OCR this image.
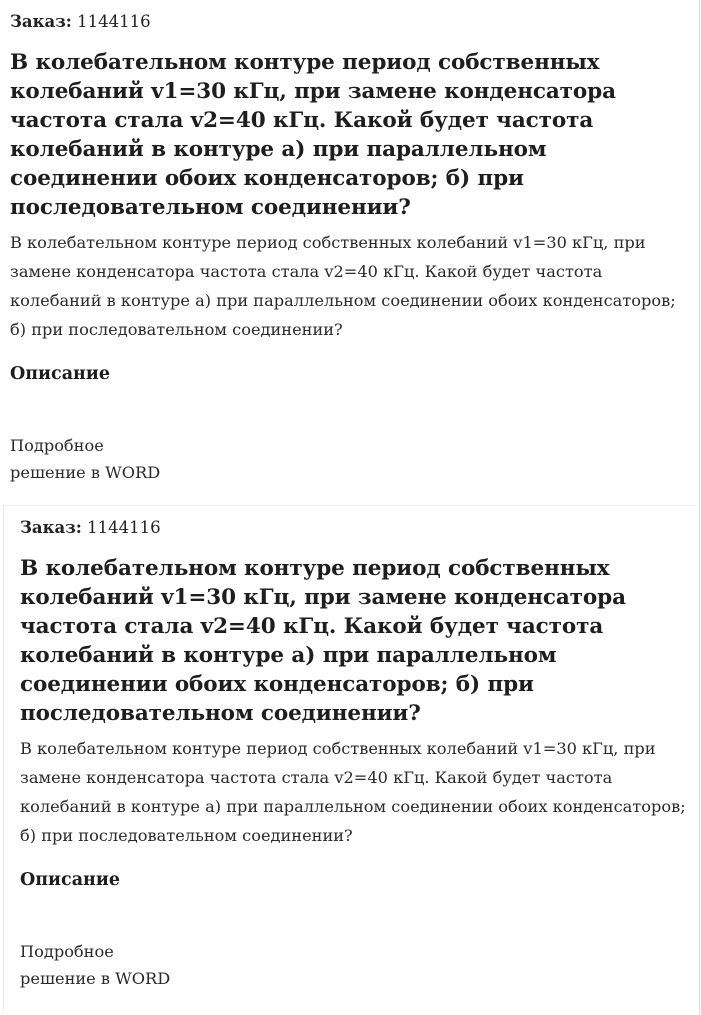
Заказ: 1144116

В колебательном контуре период собственных колебаний v1=30 кГц, при замене конденсатора частота стала v2=40 кГц. Какой будет частота колебаний в контуре а) при параллельном соединении обоих конденсаторов; б) при последовательном соединении?

В колебательном контуре период собственных колебаний v1=30 кГц, при замене конденсатора частота стала v2=40 кГц. Какой будет частота колебаний в контуре а) при параллельном соединении обоих конденсаторов; б) при последовательном соединении?

Описание

Подробное
решение в WORD

Заказ: 1144116

В колебательном контуре период собственных колебаний v1=30 кГц, при замене конденсатора частота стала v2=40 кГц. Какой будет частота колебаний в контуре а) при параллельном соединении обоих конденсаторов; б) при последовательном соединении?

В колебательном контуре период собственных колебаний v1=30 кГц, при замене конденсатора частота стала v2=40 кГц. Какой будет частота колебаний в контуре а) при параллельном соединении обоих конденсаторов; б) при последовательном соединении?

Описание

Подробное
решение в WORD
